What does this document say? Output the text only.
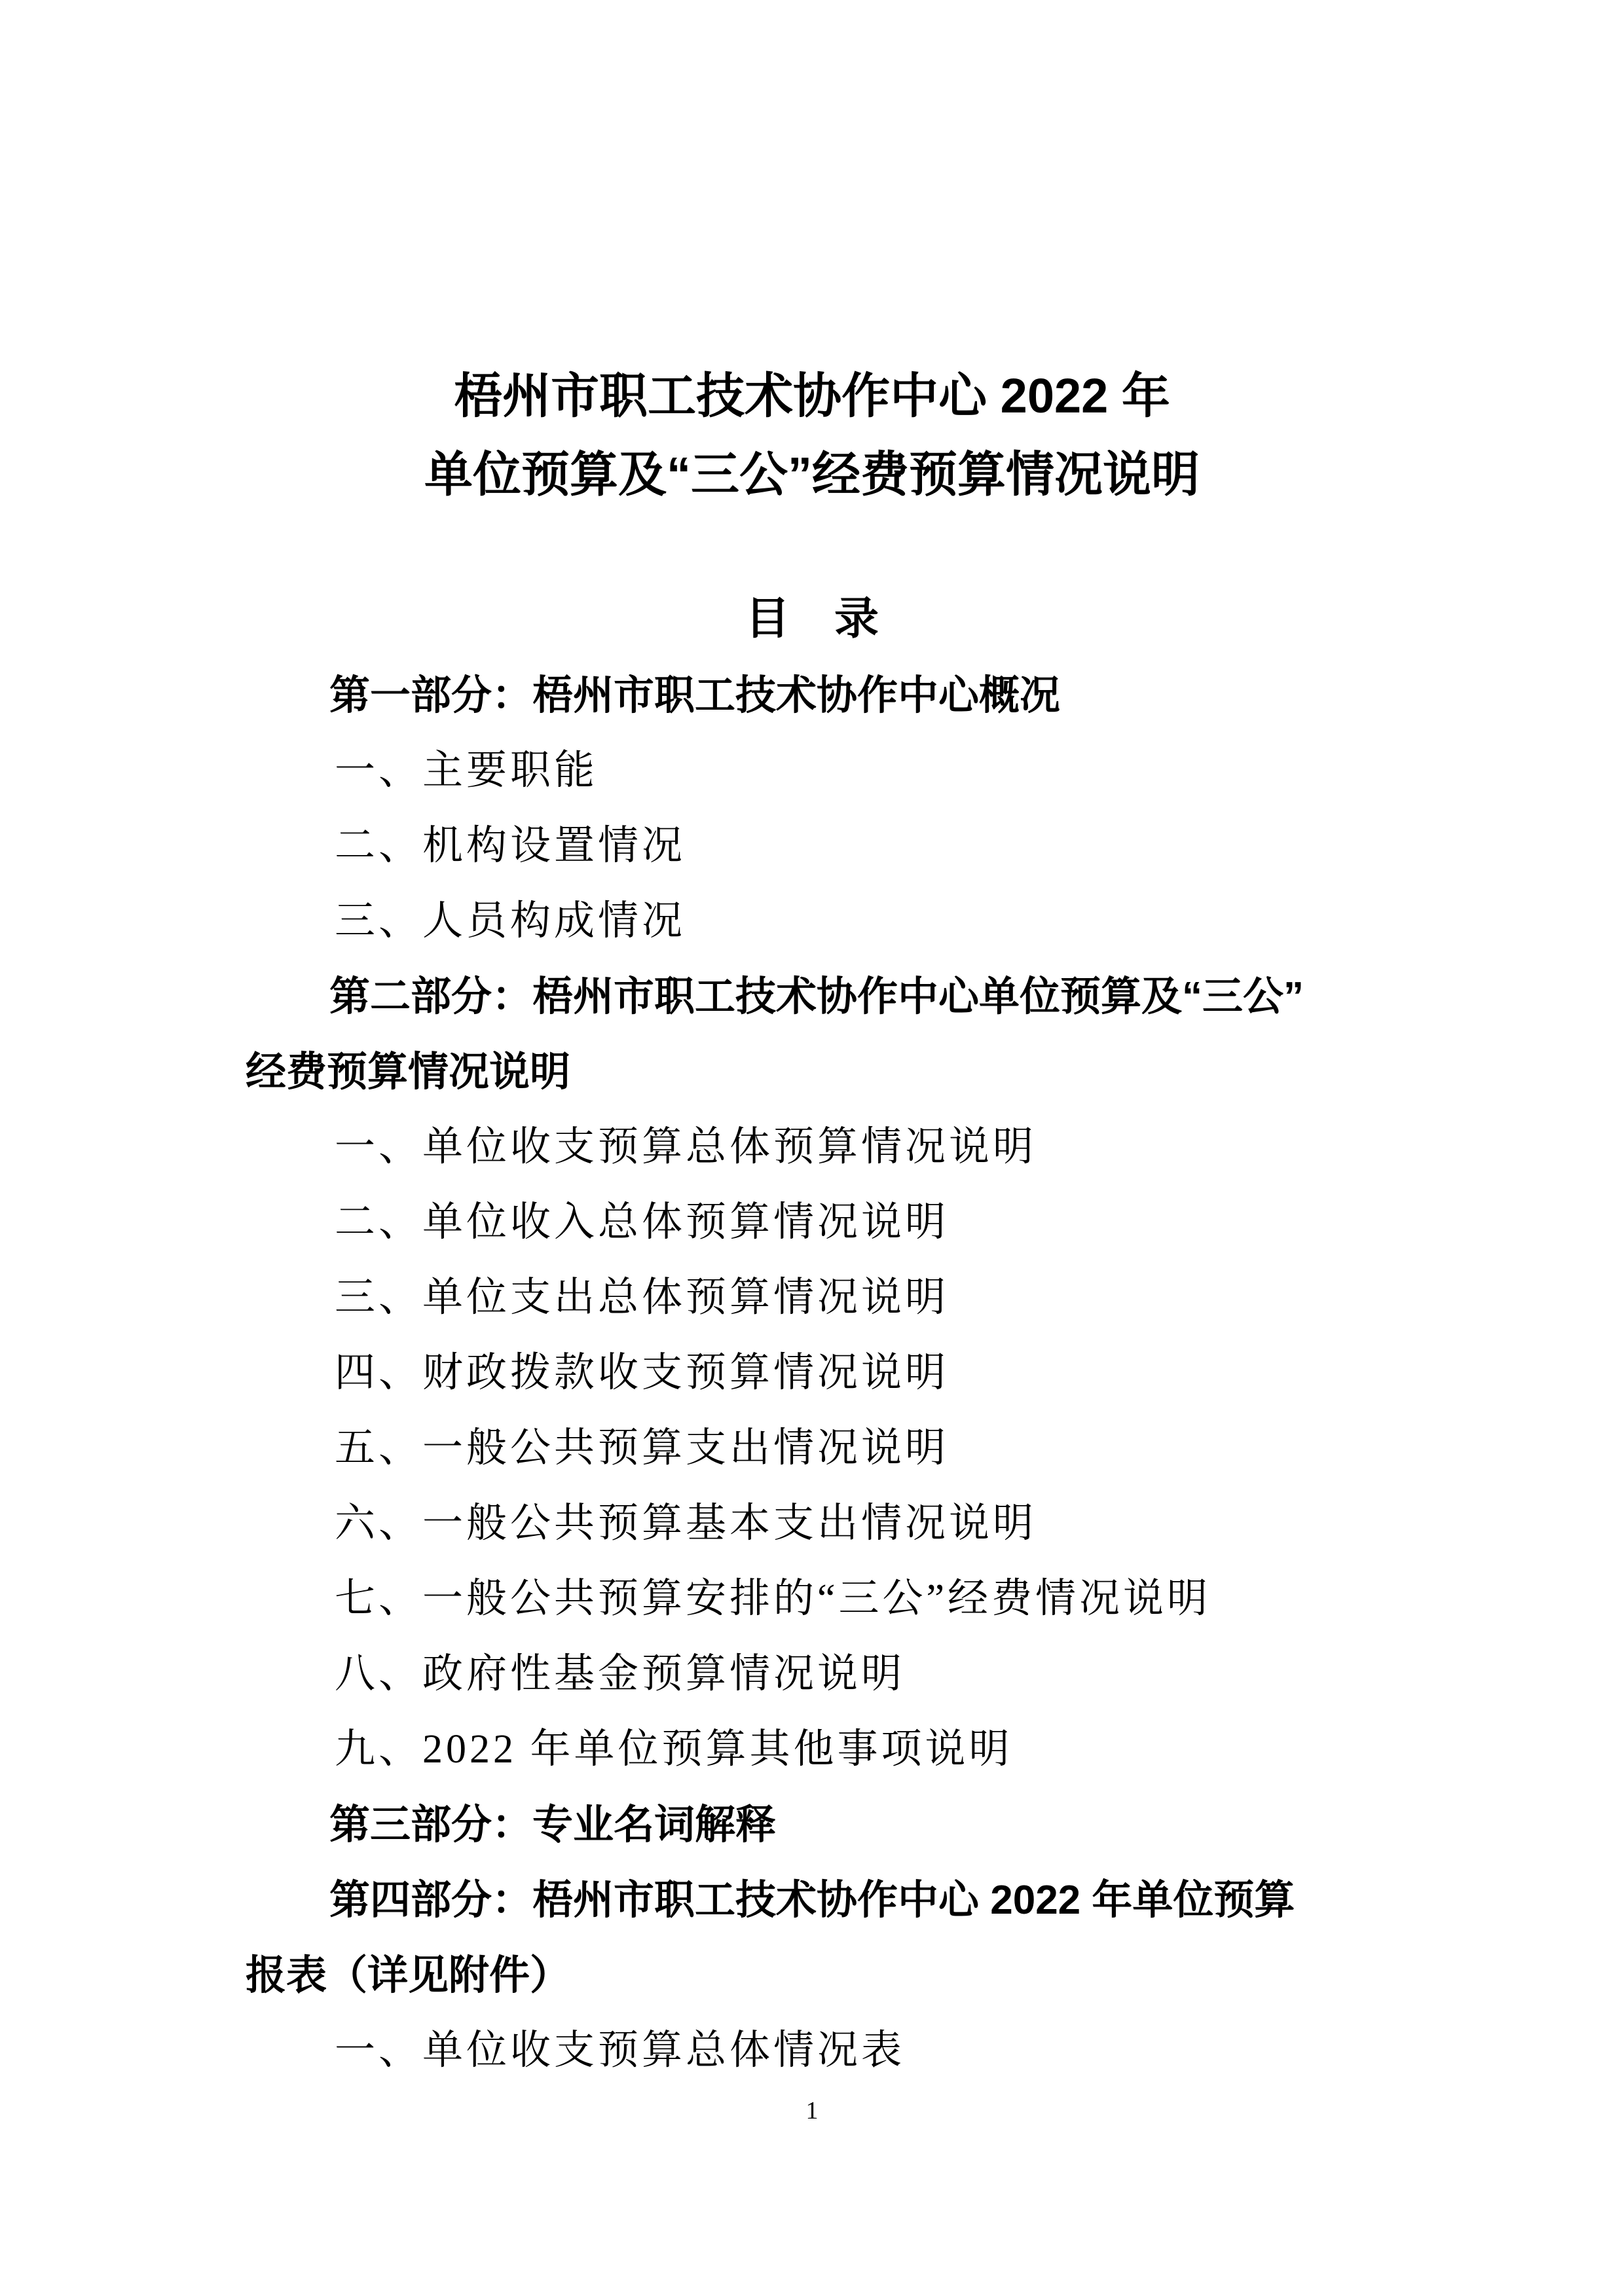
梧州市职工技术协作中心 2022 年
单位预算及“三公”经费预算情况说明
目　录
第一部分：梧州市职工技术协作中心概况
一、主要职能
二、机构设置情况
三、人员构成情况
第二部分：梧州市职工技术协作中心单位预算及“三公”
经费预算情况说明
一、单位收支预算总体预算情况说明
二、单位收入总体预算情况说明
三、单位支出总体预算情况说明
四、财政拨款收支预算情况说明
五、一般公共预算支出情况说明
六、一般公共预算基本支出情况说明
七、一般公共预算安排的“三公”经费情况说明
八、政府性基金预算情况说明
九、2022 年单位预算其他事项说明
第三部分：专业名词解释
第四部分：梧州市职工技术协作中心 2022 年单位预算
报表（详见附件）
一、单位收支预算总体情况表
1
